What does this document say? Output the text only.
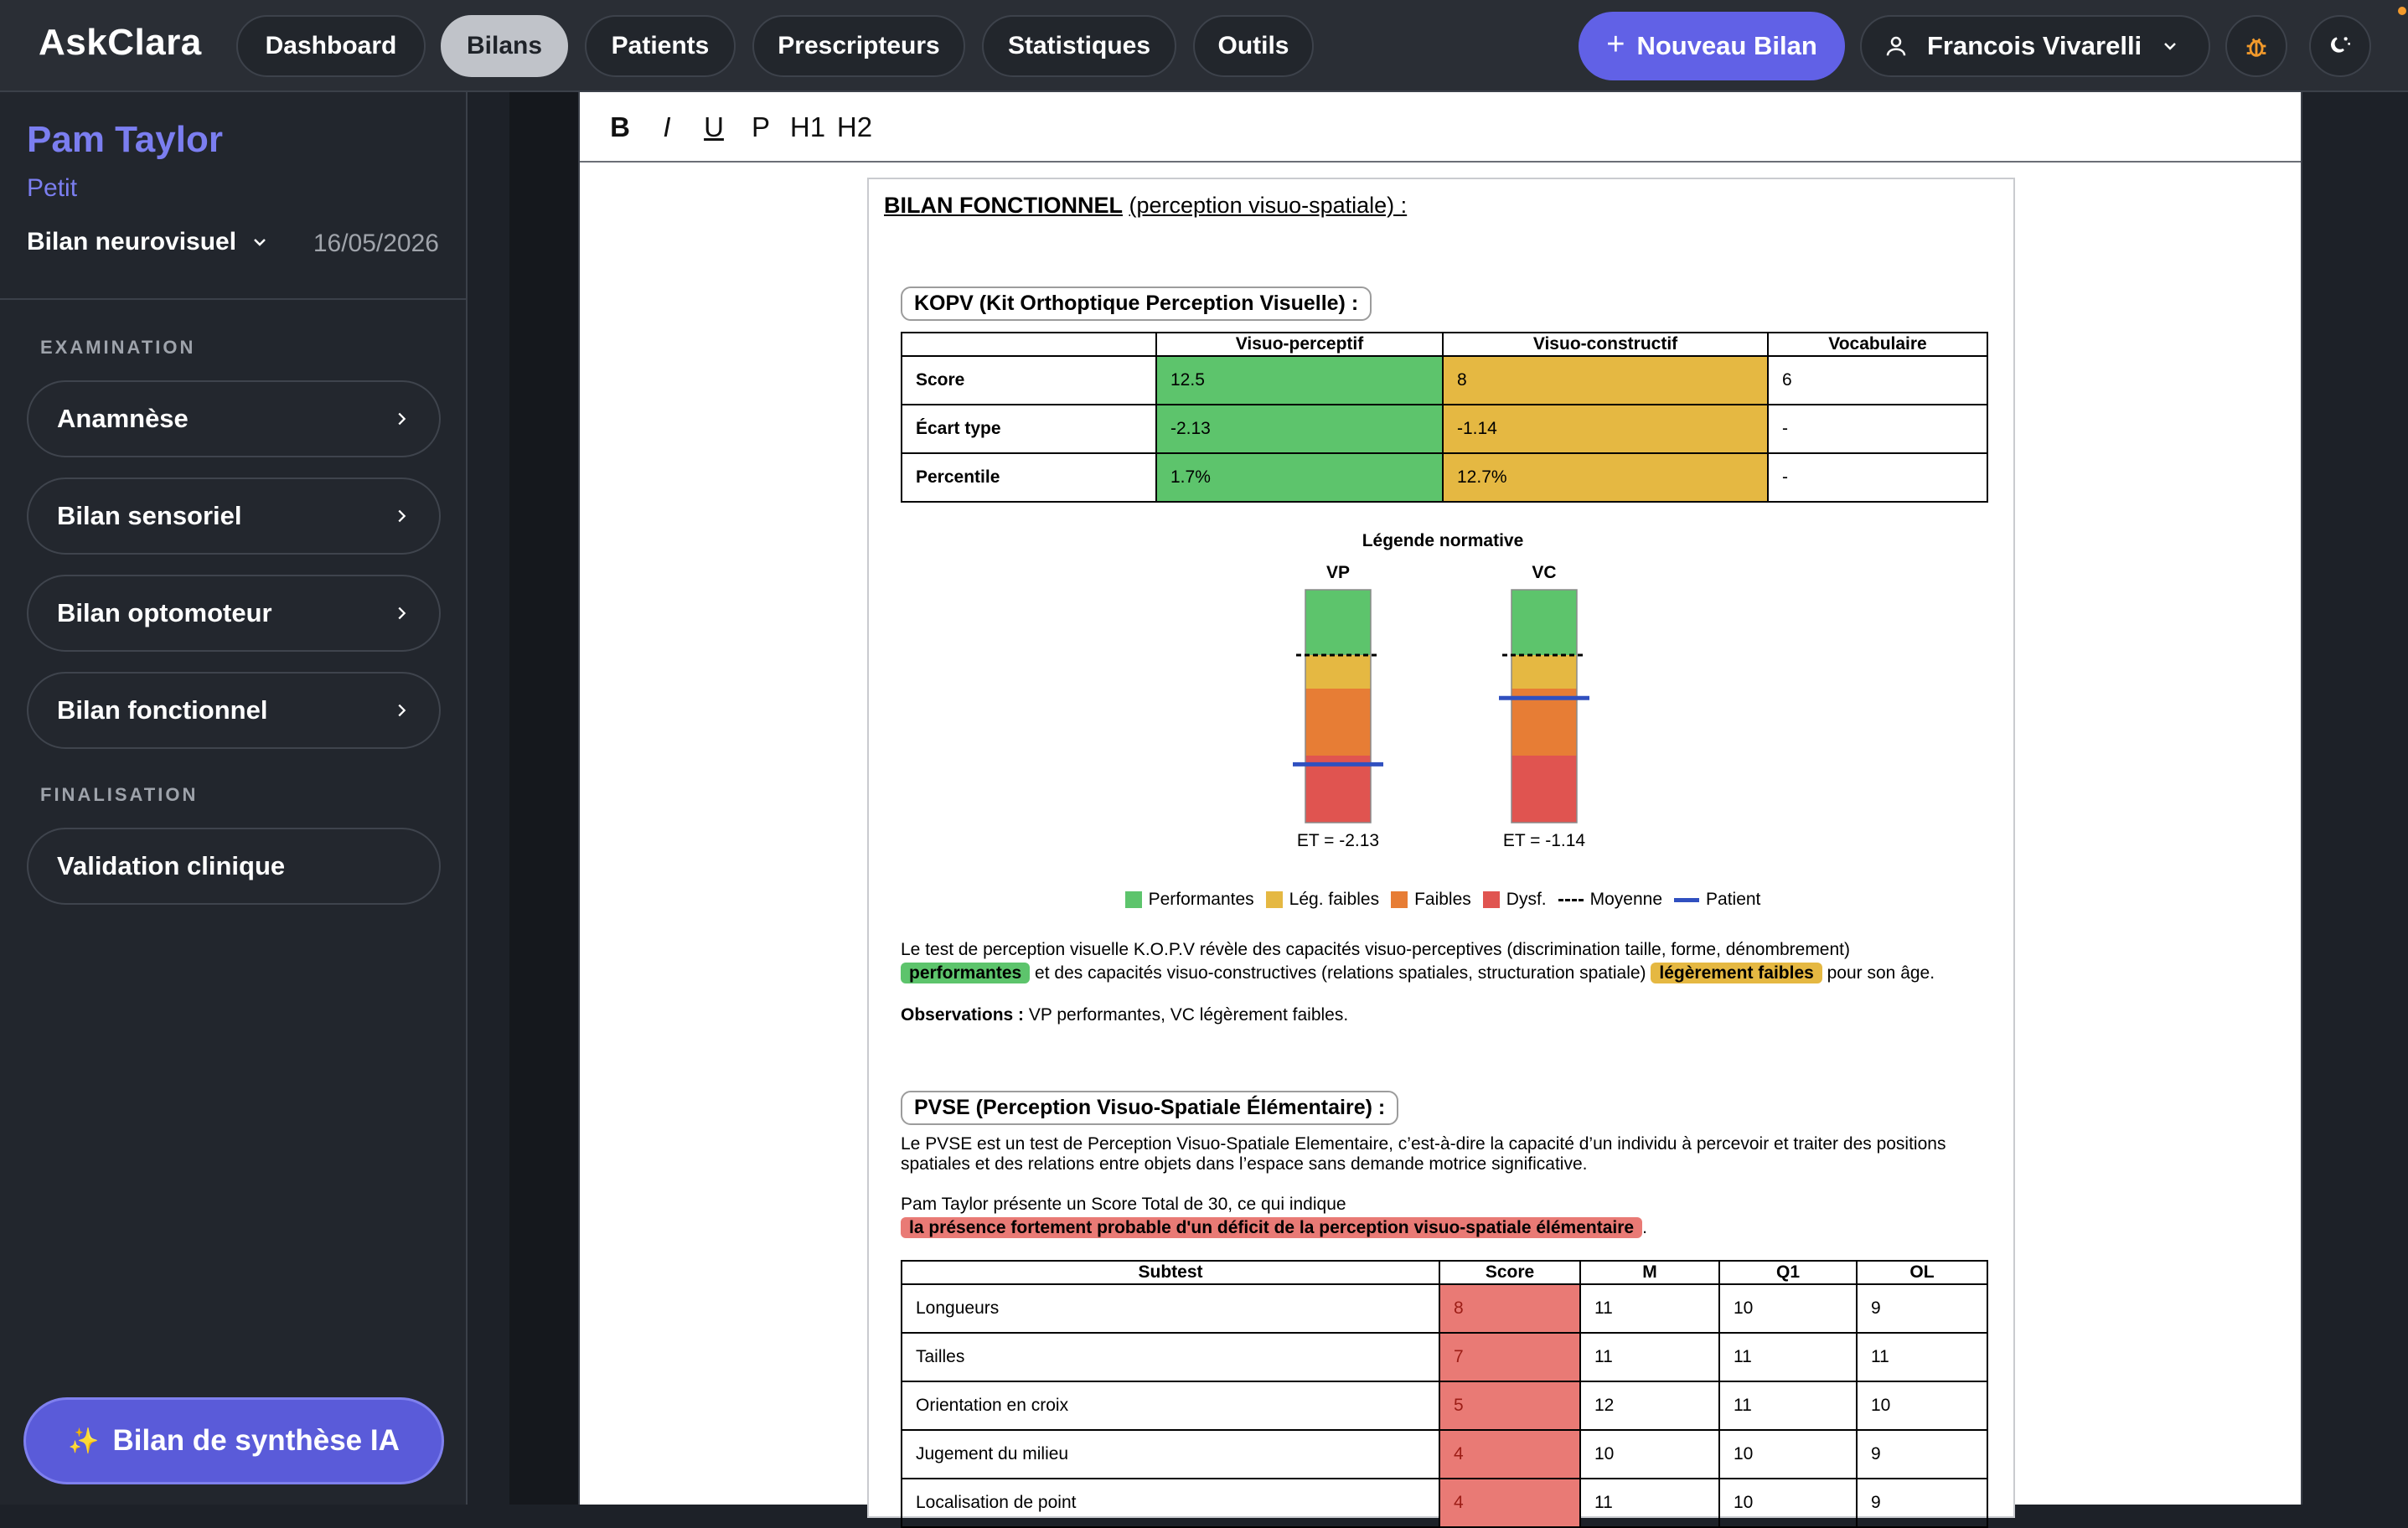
AskClara	Dashboard	Bilans	Patients	Prescripteurs	Statistiques	Outils	+ Nouveau Bilan	Francois Vivarelli
Pam Taylor
Petit
Bilan neurovisuel	16/05/2026
EXAMINATION
Anamnèse
Bilan sensoriel
Bilan optomoteur
Bilan fonctionnel
FINALISATION
Validation clinique
✨ Bilan de synthèse IA
B	I	U	P H1 H2
BILAN FONCTIONNEL (perception visuo-spatiale) :
KOPV (Kit Orthoptique Perception Visuelle) :
	Visuo-perceptif	Visuo-constructif	Vocabulaire
Score	12.5	8	6
Écart type	-2.13	-1.14	-
Percentile	1.7%	12.7%	-
Légende normative
VP	VC
ET = -2.13	ET = -1.14
Performantes Lég. faibles Faibles Dysf. Moyenne Patient
Le test de perception visuelle K.O.P.V révèle des capacités visuo-perceptives (discrimination taille, forme, dénombrement)
performantes et des capacités visuo-constructives (relations spatiales, structuration spatiale) légèrement faibles pour son âge.
Observations : VP performantes, VC légèrement faibles.
PVSE (Perception Visuo-Spatiale Élémentaire) :
Le PVSE est un test de Perception Visuo-Spatiale Elementaire, c’est-à-dire la capacité d’un individu à percevoir et traiter des positions spatiales et des relations entre objets dans l’espace sans demande motrice significative.
Pam Taylor présente un Score Total de 30, ce qui indique
la présence fortement probable d'un déficit de la perception visuo-spatiale élémentaire .
Subtest	Score	M	Q1	OL
Longueurs	8	11	10	9
Tailles	7	11	11	11
Orientation en croix	5	12	11	10
Jugement du milieu	4	10	10	9
Localisation de point	4	11	10	9
